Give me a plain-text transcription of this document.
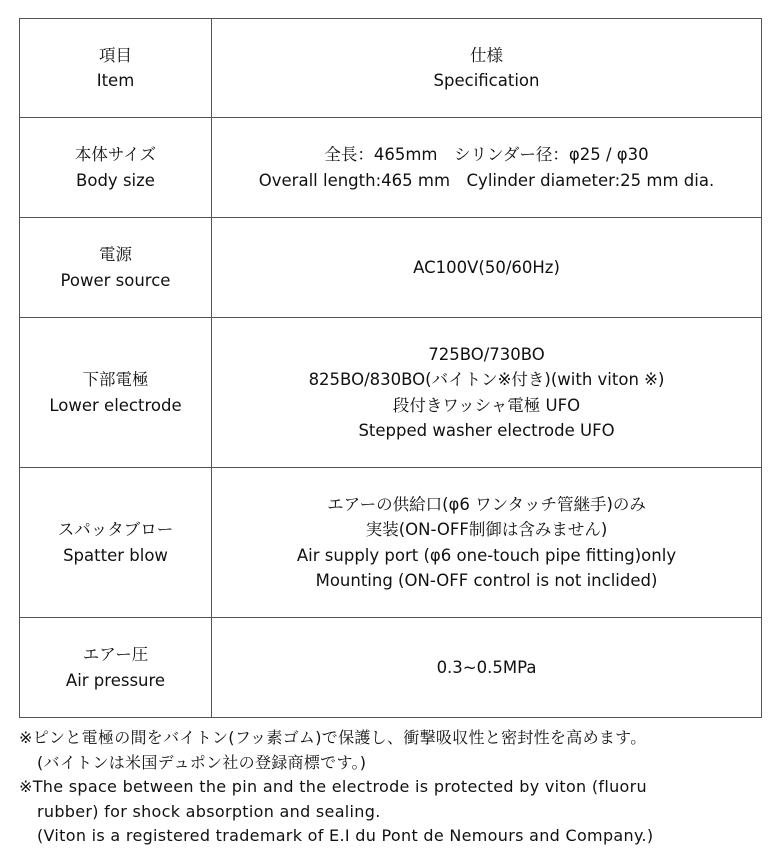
項目
Item	仕様
Specification

本体サイズ
Body size	全長：465mm　シリンダー径：φ25 / φ30
Overall length:465 mm　Cylinder diameter:25 mm dia.

電源
Power source	AC100V(50/60Hz)

下部電極
Lower electrode	725BO/730BO
825BO/830BO(バイトン※付き)(with viton ※)
段付きワッシャ電極 UFO
Stepped washer electrode UFO

スパッタブロー
Spatter blow	エアーの供給口(φ6 ワンタッチ管継手)のみ
実装(ON-OFF制御は含みません)
Air supply port (φ6 one-touch pipe fitting)only
Mounting (ON-OFF control is not inclided)

エアー圧
Air pressure	0.3~0.5MPa
※ピンと電極の間をバイトン(フッ素ゴム)で保護し、衝撃吸収性と密封性を高めます。
(バイトンは米国デュポン社の登録商標です。)
※The space between the pin and the electrode is protected by viton (fluoru
rubber) for shock absorption and sealing.
(Viton is a registered trademark of E.I du Pont de Nemours and Company.)
